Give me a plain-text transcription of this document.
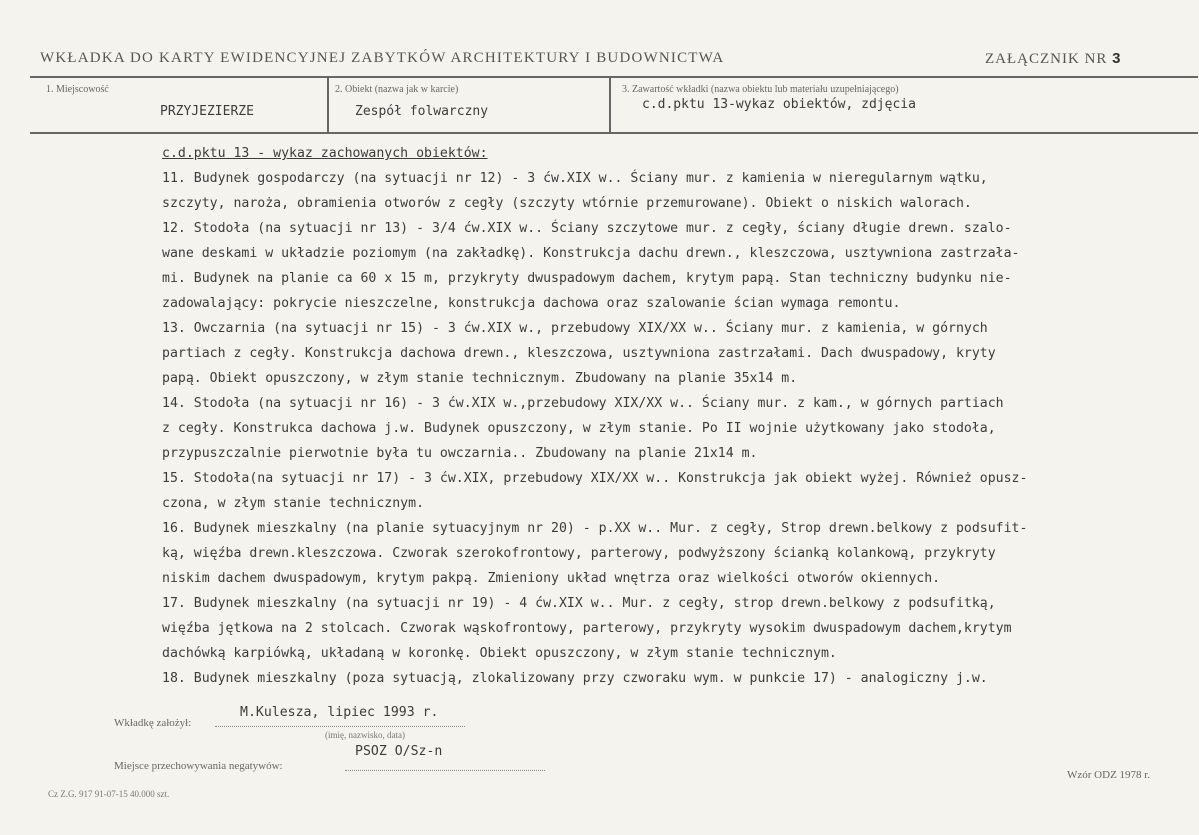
WKŁADKA DO KARTY EWIDENCYJNEJ ZABYTKÓW ARCHITEKTURY I BUDOWNICTWA	ZAŁĄCZNIK NR 3
1. Miejscowość
PRZYJEZIERZE
2. Obiekt (nazwa jak w karcie)
Zespół folwarczny
3. Zawartość wkładki (nazwa obiektu lub materiału uzupełniającego)
c.d.pktu 13-wykaz obiektów, zdjęcia
c.d.pktu 13 - wykaz zachowanych obiektów:
11. Budynek gospodarczy (na sytuacji nr 12) - 3 ćw.XIX w.. Ściany mur. z kamienia w nieregularnym wątku,
szczyty, naroża, obramienia otworów z cegły (szczyty wtórnie przemurowane). Obiekt o niskich walorach.
12. Stodoła (na sytuacji nr 13) - 3/4 ćw.XIX w.. Ściany szczytowe mur. z cegły, ściany długie drewn. szalo-
wane deskami w układzie poziomym (na zakładkę). Konstrukcja dachu drewn., kleszczowa, usztywniona zastrzała-
mi. Budynek na planie ca 60 x 15 m, przykryty dwuspadowym dachem, krytym papą. Stan techniczny budynku nie-
zadowalający: pokrycie nieszczelne, konstrukcja dachowa oraz szalowanie ścian wymaga remontu.
13. Owczarnia (na sytuacji nr 15) - 3 ćw.XIX w., przebudowy XIX/XX w.. Ściany mur. z kamienia, w górnych
partiach z cegły. Konstrukcja dachowa drewn., kleszczowa, usztywniona zastrzałami. Dach dwuspadowy, kryty
papą. Obiekt opuszczony, w złym stanie technicznym. Zbudowany na planie 35x14 m.
14. Stodoła (na sytuacji nr 16) - 3 ćw.XIX w.,przebudowy XIX/XX w.. Ściany mur. z kam., w górnych partiach
z cegły. Konstrukca dachowa j.w. Budynek opuszczony, w złym stanie. Po II wojnie użytkowany jako stodoła,
przypuszczalnie pierwotnie była tu owczarnia.. Zbudowany na planie 21x14 m.
15. Stodoła(na sytuacji nr 17) - 3 ćw.XIX, przebudowy XIX/XX w.. Konstrukcja jak obiekt wyżej. Również opusz-
czona, w złym stanie technicznym.
16. Budynek mieszkalny (na planie sytuacyjnym nr 20) - p.XX w.. Mur. z cegły, Strop drewn.belkowy z podsufit-
ką, więźba drewn.kleszczowa. Czworak szerokofrontowy, parterowy, podwyższony ścianką kolankową, przykryty
niskim dachem dwuspadowym, krytym pakpą. Zmieniony układ wnętrza oraz wielkości otworów okiennych.
17. Budynek mieszkalny (na sytuacji nr 19) - 4 ćw.XIX w.. Mur. z cegły, strop drewn.belkowy z podsufitką,
więźba jętkowa na 2 stolcach. Czworak wąskofrontowy, parterowy, przykryty wysokim dwuspadowym dachem,krytym
dachówką karpiówką, układaną w koronkę. Obiekt opuszczony, w złym stanie technicznym.
18. Budynek mieszkalny (poza sytuacją, zlokalizowany przy czworaku wym. w punkcie 17) - analogiczny j.w.
Wkładkę założył:
M.Kulesza, lipiec 1993 r.
(imię, nazwisko, data)
PSOZ O/Sz-n
Miejsce przechowywania negatywów:
Cz Z.G. 917 91-07-15 40.000 szt.
Wzór ODZ 1978 r.
